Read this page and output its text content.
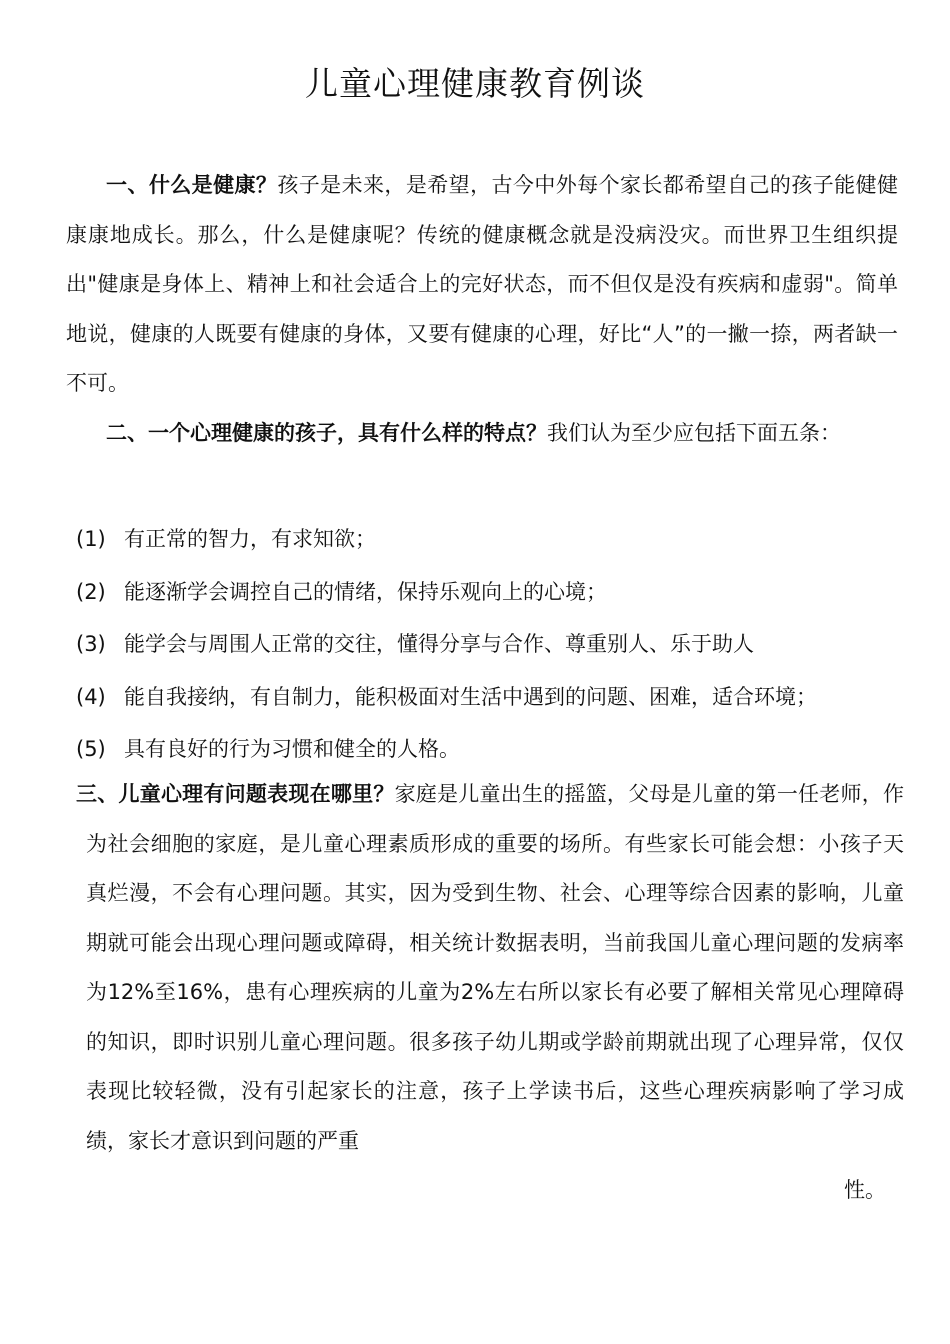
儿童心理健康教育例谈

一、什么是健康？孩子是未来，是希望，古今中外每个家长都希望自己的孩子能健健康康地成长。那么，什么是健康呢？传统的健康概念就是没病没灾。而世界卫生组织提出"健康是身体上、精神上和社会适合上的完好状态，而不但仅是没有疾病和虚弱"。简单地说，健康的人既要有健康的身体，又要有健康的心理，好比“人”的一撇一捺，两者缺一不可。

二、一个心理健康的孩子，具有什么样的特点？我们认为至少应包括下面五条：

(1) 有正常的智力，有求知欲；
(2) 能逐渐学会调控自己的情绪，保持乐观向上的心境；
(3) 能学会与周围人正常的交往，懂得分享与合作、尊重别人、乐于助人
(4) 能自我接纳，有自制力，能积极面对生活中遇到的问题、困难，适合环境；
(5) 具有良好的行为习惯和健全的人格。

三、儿童心理有问题表现在哪里？家庭是儿童出生的摇篮，父母是儿童的第一任老师，作为社会细胞的家庭，是儿童心理素质形成的重要的场所。有些家长可能会想：小孩子天真烂漫，不会有心理问题。其实，因为受到生物、社会、心理等综合因素的影响，儿童期就可能会出现心理问题或障碍，相关统计数据表明，当前我国儿童心理问题的发病率为12%至16%，患有心理疾病的儿童为2%左右所以家长有必要了解相关常见心理障碍的知识，即时识别儿童心理问题。很多孩子幼儿期或学龄前期就出现了心理异常，仅仅表现比较轻微，没有引起家长的注意，孩子上学读书后，这些心理疾病影响了学习成绩，家长才意识到问题的严重
性。
